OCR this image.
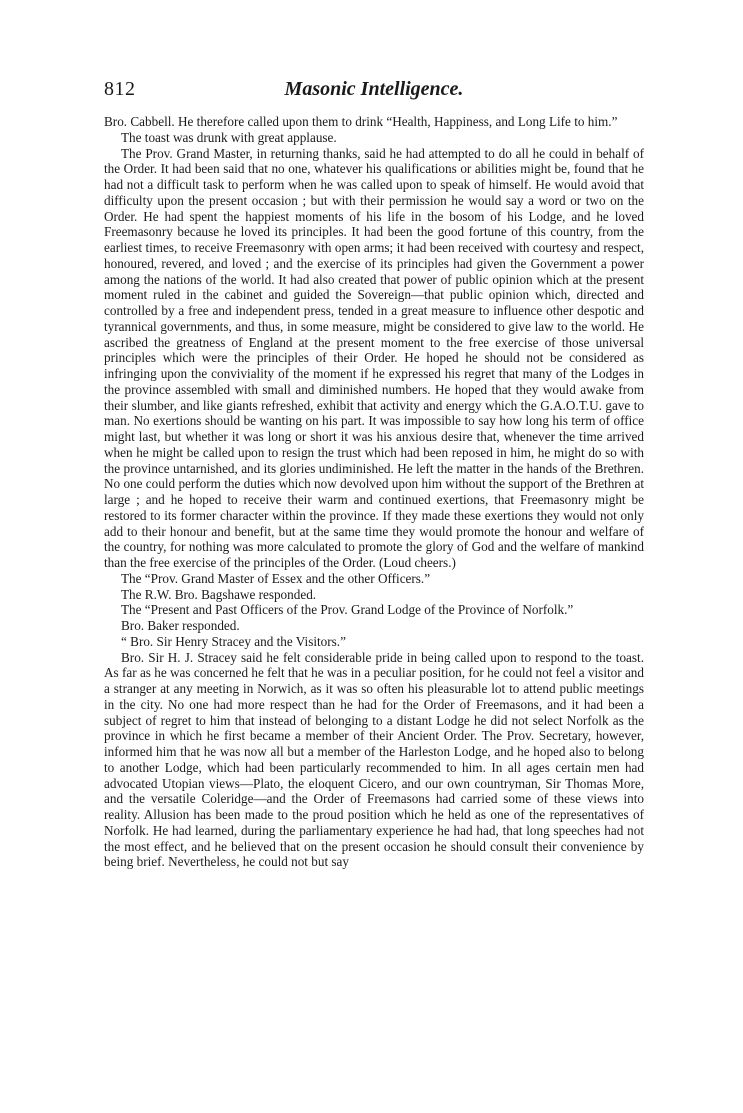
812	Masonic Intelligence.

Bro. Cabbell. He therefore called upon them to drink “Health, Happiness, and Long Life to him.”

The toast was drunk with great applause.

The Prov. Grand Master, in returning thanks, said he had attempted to do all he could in behalf of the Order. It had been said that no one, whatever his qualifications or abilities might be, found that he had not a difficult task to perform when he was called upon to speak of himself. He would avoid that difficulty upon the present occasion ; but with their permission he would say a word or two on the Order. He had spent the happiest moments of his life in the bosom of his Lodge, and he loved Freemasonry because he loved its principles. It had been the good fortune of this country, from the earliest times, to receive Freemasonry with open arms; it had been received with courtesy and respect, honoured, revered, and loved ; and the exercise of its principles had given the Government a power among the nations of the world. It had also created that power of public opinion which at the present moment ruled in the cabinet and guided the Sovereign—that public opinion which, directed and controlled by a free and independent press, tended in a great measure to influence other despotic and tyrannical governments, and thus, in some measure, might be considered to give law to the world. He ascribed the greatness of England at the present moment to the free exercise of those universal principles which were the principles of their Order. He hoped he should not be considered as infringing upon the conviviality of the moment if he expressed his regret that many of the Lodges in the province assembled with small and diminished numbers. He hoped that they would awake from their slumber, and like giants refreshed, exhibit that activity and energy which the G.A.O.T.U. gave to man. No exertions should be wanting on his part. It was impossible to say how long his term of office might last, but whether it was long or short it was his anxious desire that, whenever the time arrived when he might be called upon to resign the trust which had been reposed in him, he might do so with the province untarnished, and its glories undiminished. He left the matter in the hands of the Brethren. No one could perform the duties which now devolved upon him without the support of the Brethren at large ; and he hoped to receive their warm and continued exertions, that Freemasonry might be restored to its former character within the province. If they made these exertions they would not only add to their honour and benefit, but at the same time they would promote the honour and welfare of the country, for nothing was more calculated to promote the glory of God and the welfare of mankind than the free exercise of the principles of the Order. (Loud cheers.)

The “Prov. Grand Master of Essex and the other Officers.”

The R.W. Bro. Bagshawe responded.

The “Present and Past Officers of the Prov. Grand Lodge of the Province of Norfolk.”

Bro. Baker responded.

“ Bro. Sir Henry Stracey and the Visitors.”

Bro. Sir H. J. Stracey said he felt considerable pride in being called upon to respond to the toast. As far as he was concerned he felt that he was in a peculiar position, for he could not feel a visitor and a stranger at any meeting in Norwich, as it was so often his pleasurable lot to attend public meetings in the city. No one had more respect than he had for the Order of Freemasons, and it had been a subject of regret to him that instead of belonging to a distant Lodge he did not select Norfolk as the province in which he first became a member of their Ancient Order. The Prov. Secretary, however, informed him that he was now all but a member of the Harleston Lodge, and he hoped also to belong to another Lodge, which had been particularly recommended to him. In all ages certain men had advocated Utopian views—Plato, the eloquent Cicero, and our own countryman, Sir Thomas More, and the versatile Coleridge—and the Order of Freemasons had carried some of these views into reality. Allusion has been made to the proud position which he held as one of the representatives of Norfolk. He had learned, during the parliamentary experience he had had, that long speeches had not the most effect, and he believed that on the present occasion he should consult their convenience by being brief. Nevertheless, he could not but say
